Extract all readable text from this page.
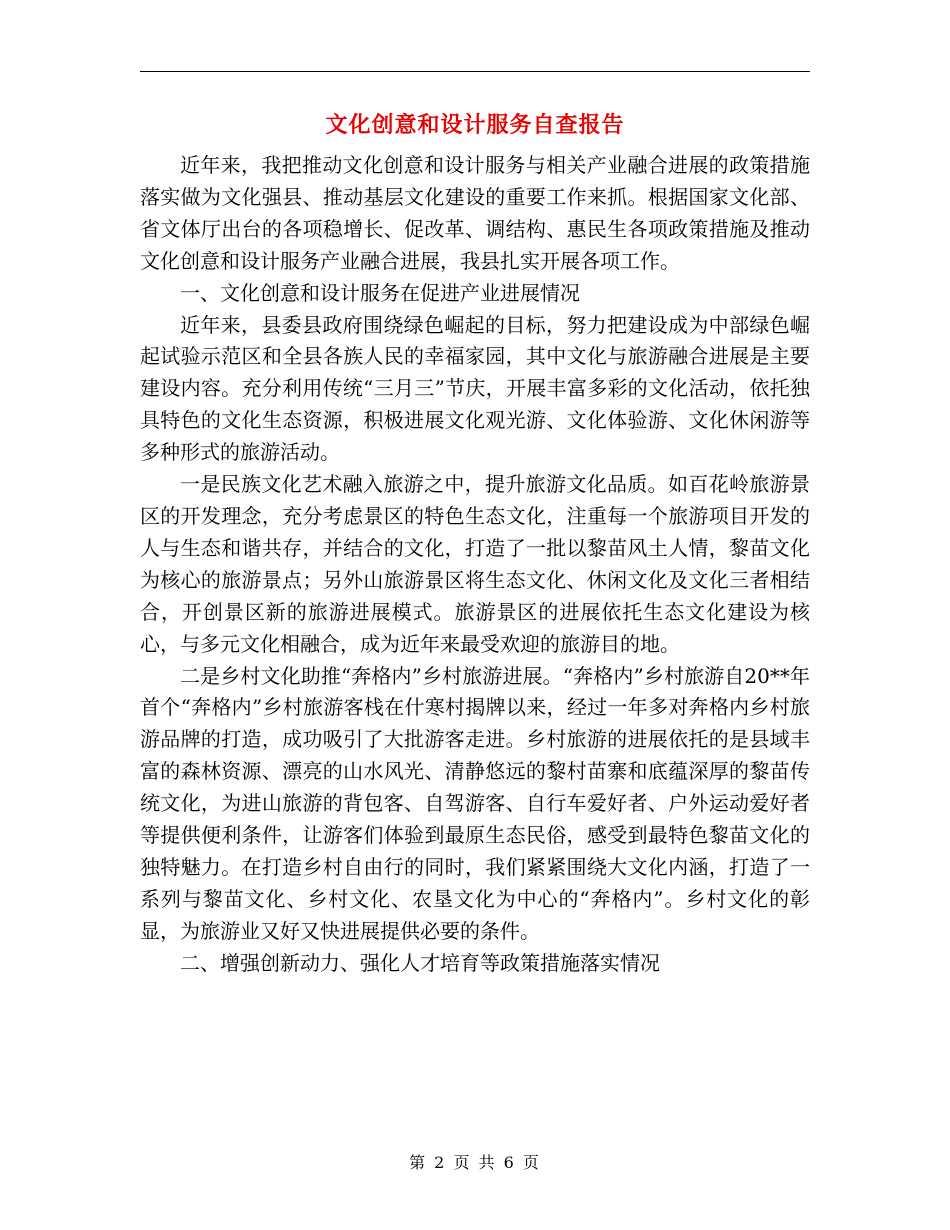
文化创意和设计服务自查报告

近年来，我把推动文化创意和设计服务与相关产业融合进展的政策措施落实做为文化强县、推动基层文化建设的重要工作来抓。根据国家文化部、省文体厅出台的各项稳增长、促改革、调结构、惠民生各项政策措施及推动文化创意和设计服务产业融合进展，我县扎实开展各项工作。

一、文化创意和设计服务在促进产业进展情况

近年来，县委县政府围绕绿色崛起的目标，努力把建设成为中部绿色崛起试验示范区和全县各族人民的幸福家园，其中文化与旅游融合进展是主要建设内容。充分利用传统“三月三”节庆，开展丰富多彩的文化活动，依托独具特色的文化生态资源，积极进展文化观光游、文化体验游、文化休闲游等多种形式的旅游活动。

一是民族文化艺术融入旅游之中，提升旅游文化品质。如百花岭旅游景区的开发理念，充分考虑景区的特色生态文化，注重每一个旅游项目开发的人与生态和谐共存，并结合的文化，打造了一批以黎苗风土人情，黎苗文化为核心的旅游景点；另外山旅游景区将生态文化、休闲文化及文化三者相结合，开创景区新的旅游进展模式。旅游景区的进展依托生态文化建设为核心，与多元文化相融合，成为近年来最受欢迎的旅游目的地。

二是乡村文化助推“奔格内”乡村旅游进展。“奔格内”乡村旅游自20**年首个“奔格内”乡村旅游客栈在什寒村揭牌以来，经过一年多对奔格内乡村旅游品牌的打造，成功吸引了大批游客走进。乡村旅游的进展依托的是县域丰富的森林资源、漂亮的山水风光、清静悠远的黎村苗寨和底蕴深厚的黎苗传统文化，为进山旅游的背包客、自驾游客、自行车爱好者、户外运动爱好者等提供便利条件，让游客们体验到最原生态民俗，感受到最特色黎苗文化的独特魅力。在打造乡村自由行的同时，我们紧紧围绕大文化内涵，打造了一系列与黎苗文化、乡村文化、农垦文化为中心的“奔格内”。乡村文化的彰显，为旅游业又好又快进展提供必要的条件。

二、增强创新动力、强化人才培育等政策措施落实情况

第 2 页 共 6 页
